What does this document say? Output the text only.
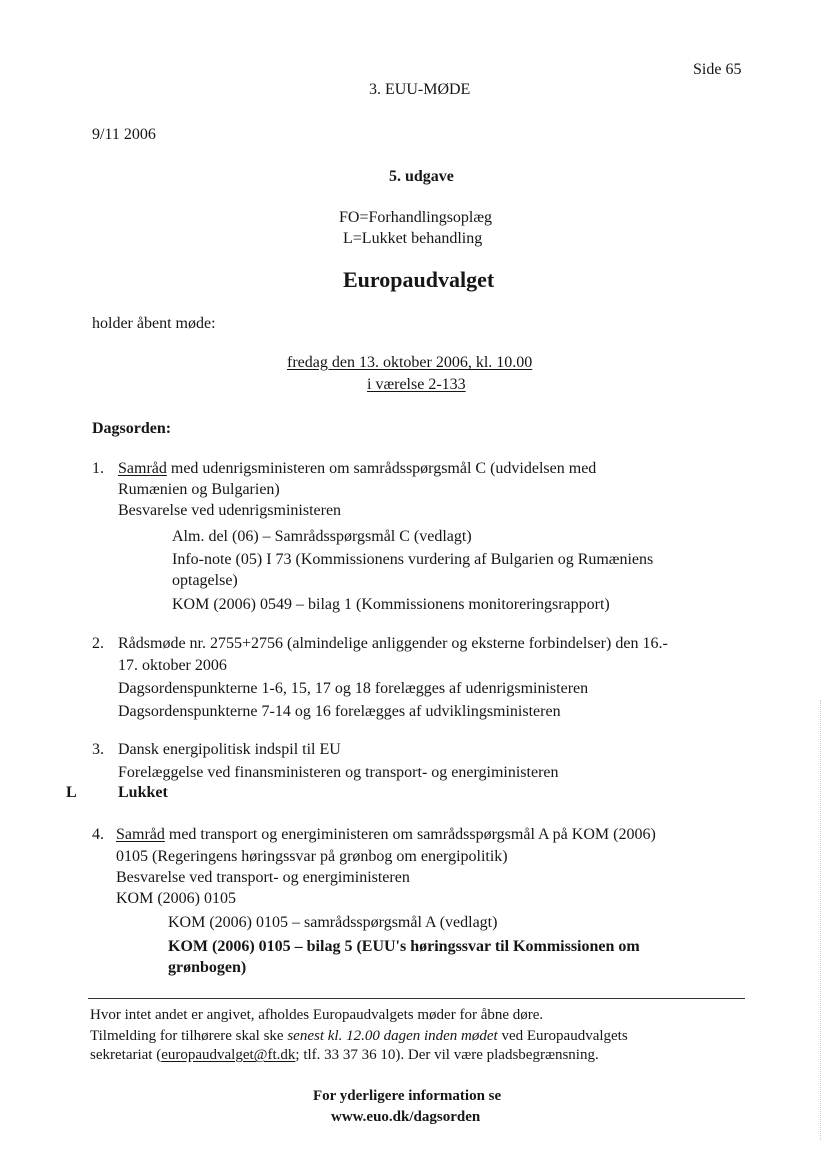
Side 65
3. EUU-MØDE
9/11 2006
5. udgave
FO=Forhandlingsoplæg
L=Lukket behandling
Europaudvalget
holder åbent møde:
fredag den 13. oktober 2006, kl. 10.00
i værelse 2-133
Dagsorden:
1. Samråd med udenrigsministeren om samrådsspørgsmål C (udvidelsen med
Rumænien og Bulgarien)
Besvarelse ved udenrigsministeren
Alm. del (06) – Samrådsspørgsmål C (vedlagt)
Info-note (05) I 73 (Kommissionens vurdering af Bulgarien og Rumæniens
optagelse)
KOM (2006) 0549 – bilag 1 (Kommissionens monitoreringsrapport)
2. Rådsmøde nr. 2755+2756 (almindelige anliggender og eksterne forbindelser) den 16.-
17. oktober 2006
Dagsordenspunkterne 1-6, 15, 17 og 18 forelægges af udenrigsministeren
Dagsordenspunkterne 7-14 og 16 forelægges af udviklingsministeren
3. Dansk energipolitisk indspil til EU
Forelæggelse ved finansministeren og transport- og energiministeren
L	Lukket
4. Samråd med transport og energiministeren om samrådsspørgsmål A på KOM (2006)
0105 (Regeringens høringssvar på grønbog om energipolitik)
Besvarelse ved transport- og energiministeren
KOM (2006) 0105
KOM (2006) 0105 – samrådsspørgsmål A (vedlagt)
KOM (2006) 0105 – bilag 5 (EUU's høringssvar til Kommissionen om
grønbogen)
Hvor intet andet er angivet, afholdes Europaudvalgets møder for åbne døre.
Tilmelding for tilhørere skal ske senest kl. 12.00 dagen inden mødet ved Europaudvalgets
sekretariat (europaudvalget@ft.dk; tlf. 33 37 36 10). Der vil være pladsbegrænsning.
For yderligere information se
www.euo.dk/dagsorden
